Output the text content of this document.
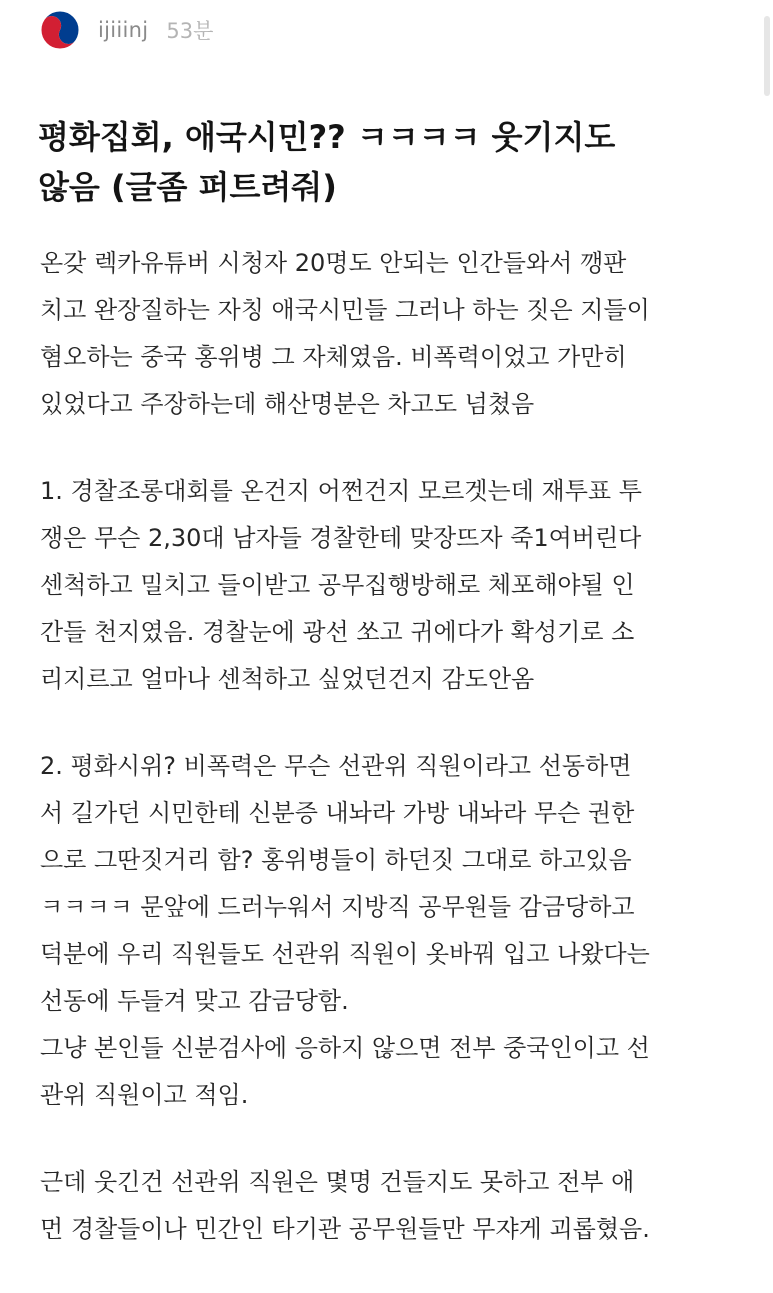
ijiiinj 53분
평화집회, 애국시민?? ㅋㅋㅋㅋ 웃기지도
않음 (글좀 퍼트려줘)

온갖 렉카유튜버 시청자 20명도 안되는 인간들와서 깽판
치고 완장질하는 자칭 애국시민들 그러나 하는 짓은 지들이
혐오하는 중국 홍위병 그 자체였음. 비폭력이었고 가만히
있었다고 주장하는데 해산명분은 차고도 넘쳤음

1. 경찰조롱대회를 온건지 어쩐건지 모르겟는데 재투표 투
쟁은 무슨 2,30대 남자들 경찰한테 맞장뜨자 죽1여버린다
센척하고 밀치고 들이받고 공무집행방해로 체포해야될 인
간들 천지였음. 경찰눈에 광선 쏘고 귀에다가 확성기로 소
리지르고 얼마나 센척하고 싶었던건지 감도안옴

2. 평화시위? 비폭력은 무슨 선관위 직원이라고 선동하면
서 길가던 시민한테 신분증 내놔라 가방 내놔라 무슨 권한
으로 그딴짓거리 함? 홍위병들이 하던짓 그대로 하고있음
ㅋㅋㅋㅋ 문앞에 드러누워서 지방직 공무원들 감금당하고
덕분에 우리 직원들도 선관위 직원이 옷바꿔 입고 나왔다는
선동에 두들겨 맞고 감금당함.
그냥 본인들 신분검사에 응하지 않으면 전부 중국인이고 선
관위 직원이고 적임.

근데 웃긴건 선관위 직원은 몇명 건들지도 못하고 전부 애
먼 경찰들이나 민간인 타기관 공무원들만 무쟈게 괴롭혔음.
